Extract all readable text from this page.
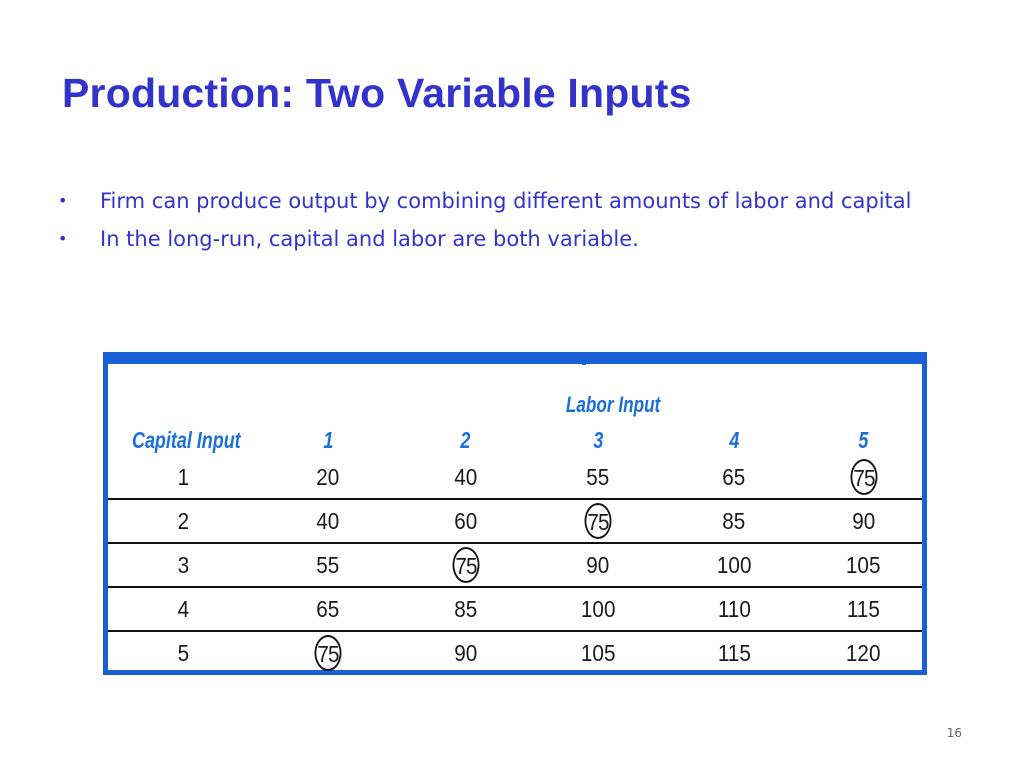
Production: Two Variable Inputs
• Firm can produce output by combining different amounts of labor and capital
• In the long-run, capital and labor are both variable.
Labor Input
Capital Input	1	2	3	4	5
1	20	40	55	65	75
2	40	60	75	85	90
3	55	75	90	100	105
4	65	85	100	110	115
5	75	90	105	115	120
16
